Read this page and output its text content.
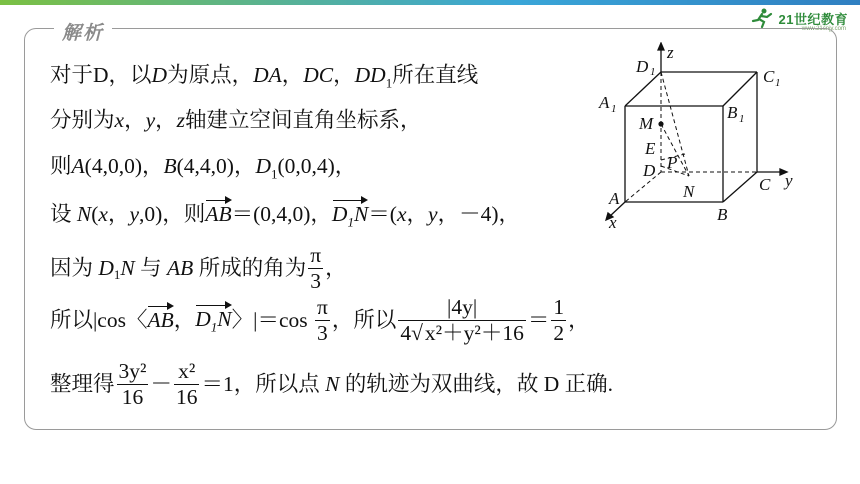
21世纪教育
www.21cnjy.com
解析
对于D，以D为原点，DA，DC，$DD_1$所在直线
分别为x，y，z轴建立空间直角坐标系，
则A(4,0,0)，B(4,4,0)，$D_1(0,0,4)$，
设 N(x，y,0)，则AB＝(0,4,0)，$D_1N=(x$，y，－4)，
因为 $D_1N$ 与 AB 所成的角为 $\frac{\pi}{3}$ ，
所以|cos〈AB，$D_1N$〉$|=\cos \frac{\pi}{3}$ ，所以 $\frac{|4y|}{\text{4√x²＋y²＋16}} = \frac{1}{2}$ ，
整理得 $\frac{\text{3y²}}{16} - \frac{\text{x²}}{16} =1$，所以点 N 的轨迹为双曲线，故 D 正确.
z
D 1	C 1
A 1	B 1
M
E
P
D
N	C y
A
B
x
